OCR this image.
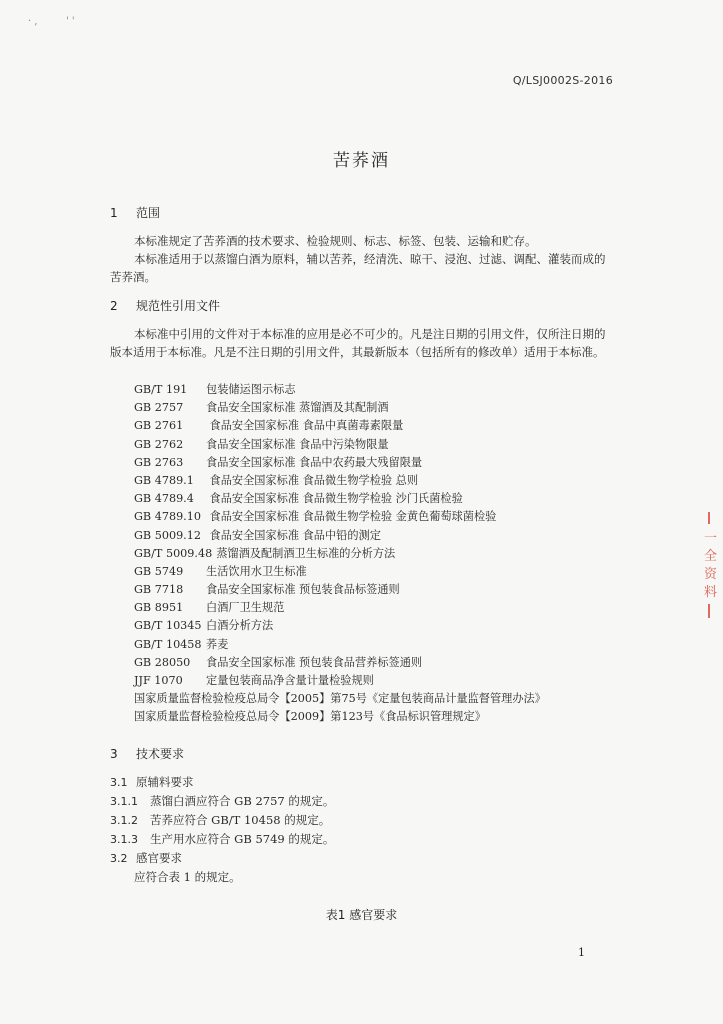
· ,	' '
Q/LSJ0002S-2016
苦荞酒
1 范围

本标准规定了苦荞酒的技术要求、检验规则、标志、标签、包装、运输和贮存。

本标准适用于以蒸馏白酒为原料，辅以苦荞，经清洗、晾干、浸泡、过滤、调配、灌装而成的苦荞酒。

2 规范性引用文件

本标准中引用的文件对于本标准的应用是必不可少的。凡是注日期的引用文件，仅所注日期的版本适用于本标准。凡是不注日期的引用文件，其最新版本（包括所有的修改单）适用于本标准。

GB/T 191 包装储运图示标志
GB 2757 食品安全国家标准 蒸馏酒及其配制酒
GB 2761 食品安全国家标准 食品中真菌毒素限量
GB 2762 食品安全国家标准 食品中污染物限量
GB 2763 食品安全国家标准 食品中农药最大残留限量
GB 4789.1 食品安全国家标准 食品微生物学检验 总则
GB 4789.4 食品安全国家标准 食品微生物学检验 沙门氏菌检验
GB 4789.10 食品安全国家标准 食品微生物学检验 金黄色葡萄球菌检验
GB 5009.12 食品安全国家标准 食品中铅的测定
GB/T 5009.48 蒸馏酒及配制酒卫生标准的分析方法
GB 5749 生活饮用水卫生标准
GB 7718 食品安全国家标准 预包装食品标签通则
GB 8951 白酒厂卫生规范
GB/T 10345 白酒分析方法
GB/T 10458 荞麦
GB 28050 食品安全国家标准 预包装食品营养标签通则
JJF 1070 定量包装商品净含量计量检验规则
国家质量监督检验检疫总局令【2005】第75号《定量包装商品计量监督管理办法》
国家质量监督检验检疫总局令【2009】第123号《食品标识管理规定》
3 技术要求
3.1 原辅料要求
3.1.1 蒸馏白酒应符合 GB 2757 的规定。
3.1.2 苦荞应符合 GB/T 10458 的规定。
3.1.3 生产用水应符合 GB 5749 的规定。
3.2 感官要求
应符合表 1 的规定。
表1 感官要求
1
一全资料
